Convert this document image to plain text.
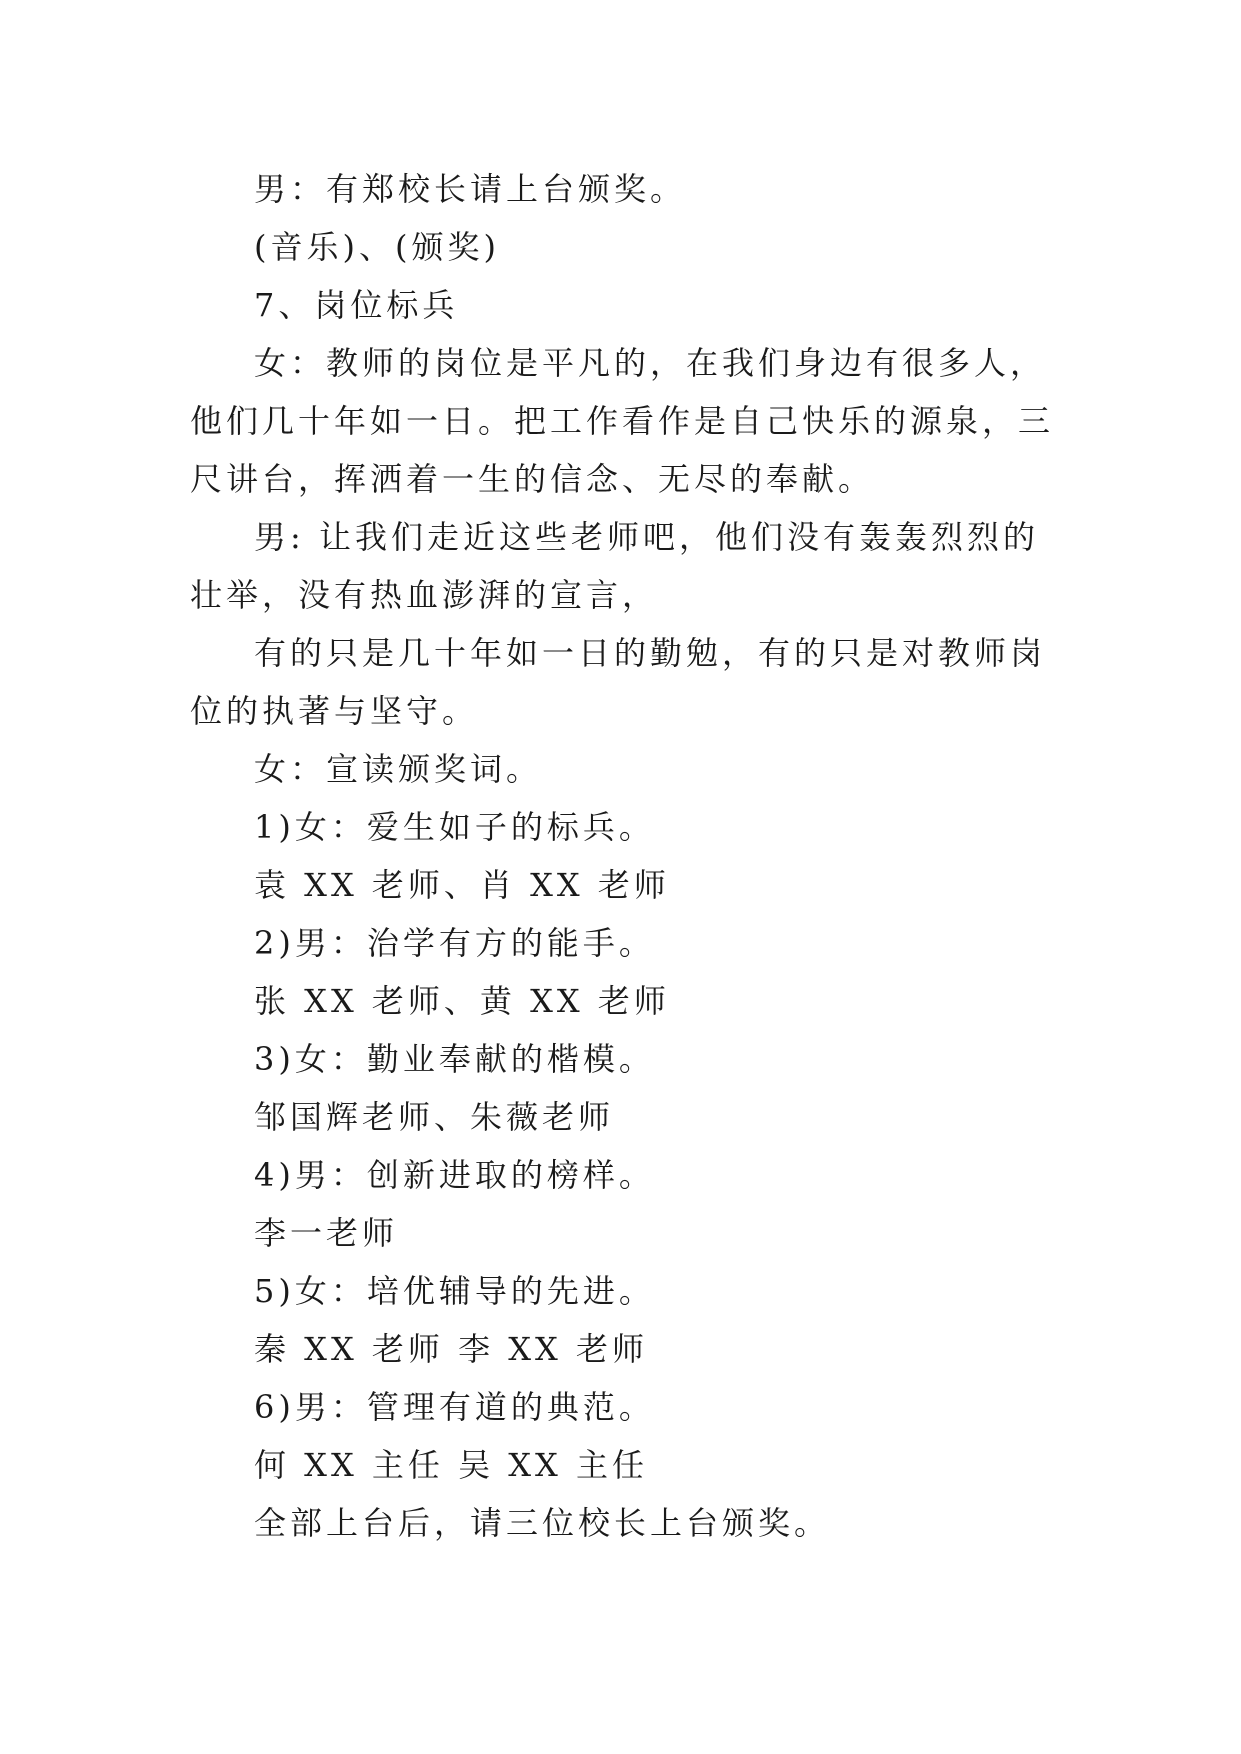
男：有郑校长请上台颁奖。

(音乐)、(颁奖)

7、岗位标兵

女：教师的岗位是平凡的，在我们身边有很多人，他们几十年如一日。把工作看作是自己快乐的源泉，三尺讲台，挥洒着一生的信念、无尽的奉献。

男: 让我们走近这些老师吧，他们没有轰轰烈烈的壮举，没有热血澎湃的宣言，

有的只是几十年如一日的勤勉，有的只是对教师岗位的执著与坚守。

女：宣读颁奖词。

1)女：爱生如子的标兵。

袁 XX 老师、肖 XX 老师

2)男：治学有方的能手。

张 XX 老师、黄 XX 老师

3)女：勤业奉献的楷模。

邹国辉老师、朱薇老师

4)男：创新进取的榜样。

李一老师

5)女：培优辅导的先进。

秦 XX 老师 李 XX 老师

6)男：管理有道的典范。

何 XX 主任 吴 XX 主任

全部上台后，请三位校长上台颁奖。
